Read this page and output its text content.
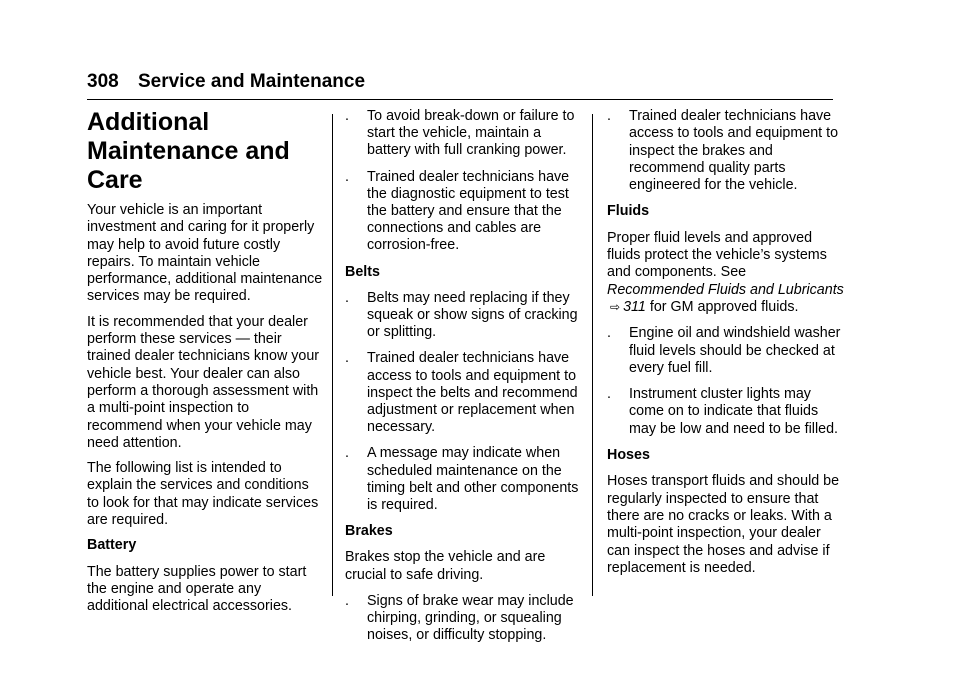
308 Service and Maintenance
Additional
Maintenance and Care

Your vehicle is an important investment and caring for it properly may help to avoid future costly repairs. To maintain vehicle performance, additional maintenance services may be required.

It is recommended that your dealer perform these services — their trained dealer technicians know your vehicle best. Your dealer can also perform a thorough assessment with a multi-point inspection to recommend when your vehicle may need attention.

The following list is intended to explain the services and conditions to look for that may indicate services are required.

Battery

The battery supplies power to start the engine and operate any additional electrical accessories.

. To avoid break-down or failure to start the vehicle, maintain a battery with full cranking power.
. Trained dealer technicians have the diagnostic equipment to test the battery and ensure that the connections and cables are corrosion-free.
Belts
. Belts may need replacing if they squeak or show signs of cracking or splitting.
. Trained dealer technicians have access to tools and equipment to inspect the belts and recommend adjustment or replacement when necessary.
. A message may indicate when scheduled maintenance on the timing belt and other components is required.
Brakes

Brakes stop the vehicle and are crucial to safe driving.

. Signs of brake wear may include chirping, grinding, or squealing noises, or difficulty stopping.
. Trained dealer technicians have access to tools and equipment to inspect the brakes and recommend quality parts engineered for the vehicle.
Fluids

Proper fluid levels and approved fluids protect the vehicle’s systems and components. See Recommended Fluids and Lubricants ⇨ 311 for GM approved fluids.

. Engine oil and windshield washer fluid levels should be checked at every fuel fill.
. Instrument cluster lights may come on to indicate that fluids may be low and need to be filled.
Hoses

Hoses transport fluids and should be regularly inspected to ensure that there are no cracks or leaks. With a multi-point inspection, your dealer can inspect the hoses and advise if replacement is needed.
